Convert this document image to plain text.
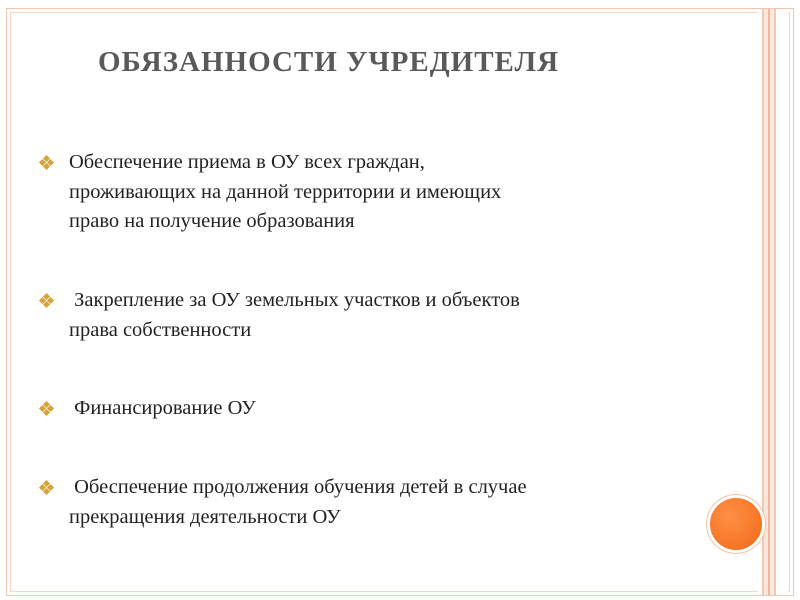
ОБЯЗАННОСТИ УЧРЕДИТЕЛЯ
Обеспечение приема в ОУ всех граждан,
проживающих на данной территории и имеющих
право на получение образования
Закрепление за ОУ земельных участков и объектов
права собственности
Финансирование ОУ
Обеспечение продолжения обучения детей в случае
прекращения деятельности ОУ
